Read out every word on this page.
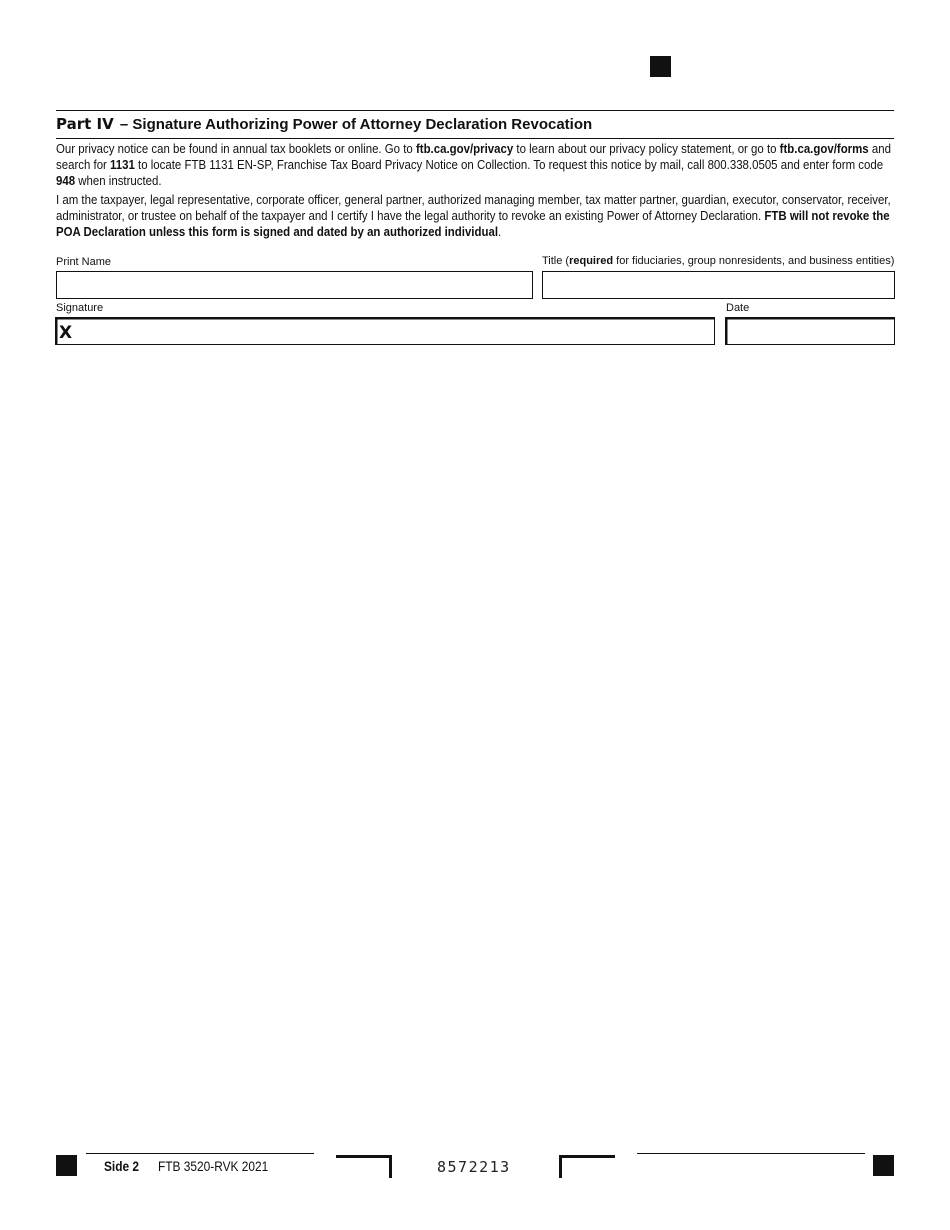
Part IV – Signature Authorizing Power of Attorney Declaration Revocation
Our privacy notice can be found in annual tax booklets or online. Go to ftb.ca.gov/privacy to learn about our privacy policy statement, or go to ftb.ca.gov/forms and search for 1131 to locate FTB 1131 EN-SP, Franchise Tax Board Privacy Notice on Collection. To request this notice by mail, call 800.338.0505 and enter form code 948 when instructed.
I am the taxpayer, legal representative, corporate officer, general partner, authorized managing member, tax matter partner, guardian, executor, conservator, receiver, administrator, or trustee on behalf of the taxpayer and I certify I have the legal authority to revoke an existing Power of Attorney Declaration. FTB will not revoke the POA Declaration unless this form is signed and dated by an authorized individual.
Print Name	Title (required for fiduciaries, group nonresidents, and business entities)
Signature	Date
X
Side 2 FTB 3520-RVK 2021	8572213
